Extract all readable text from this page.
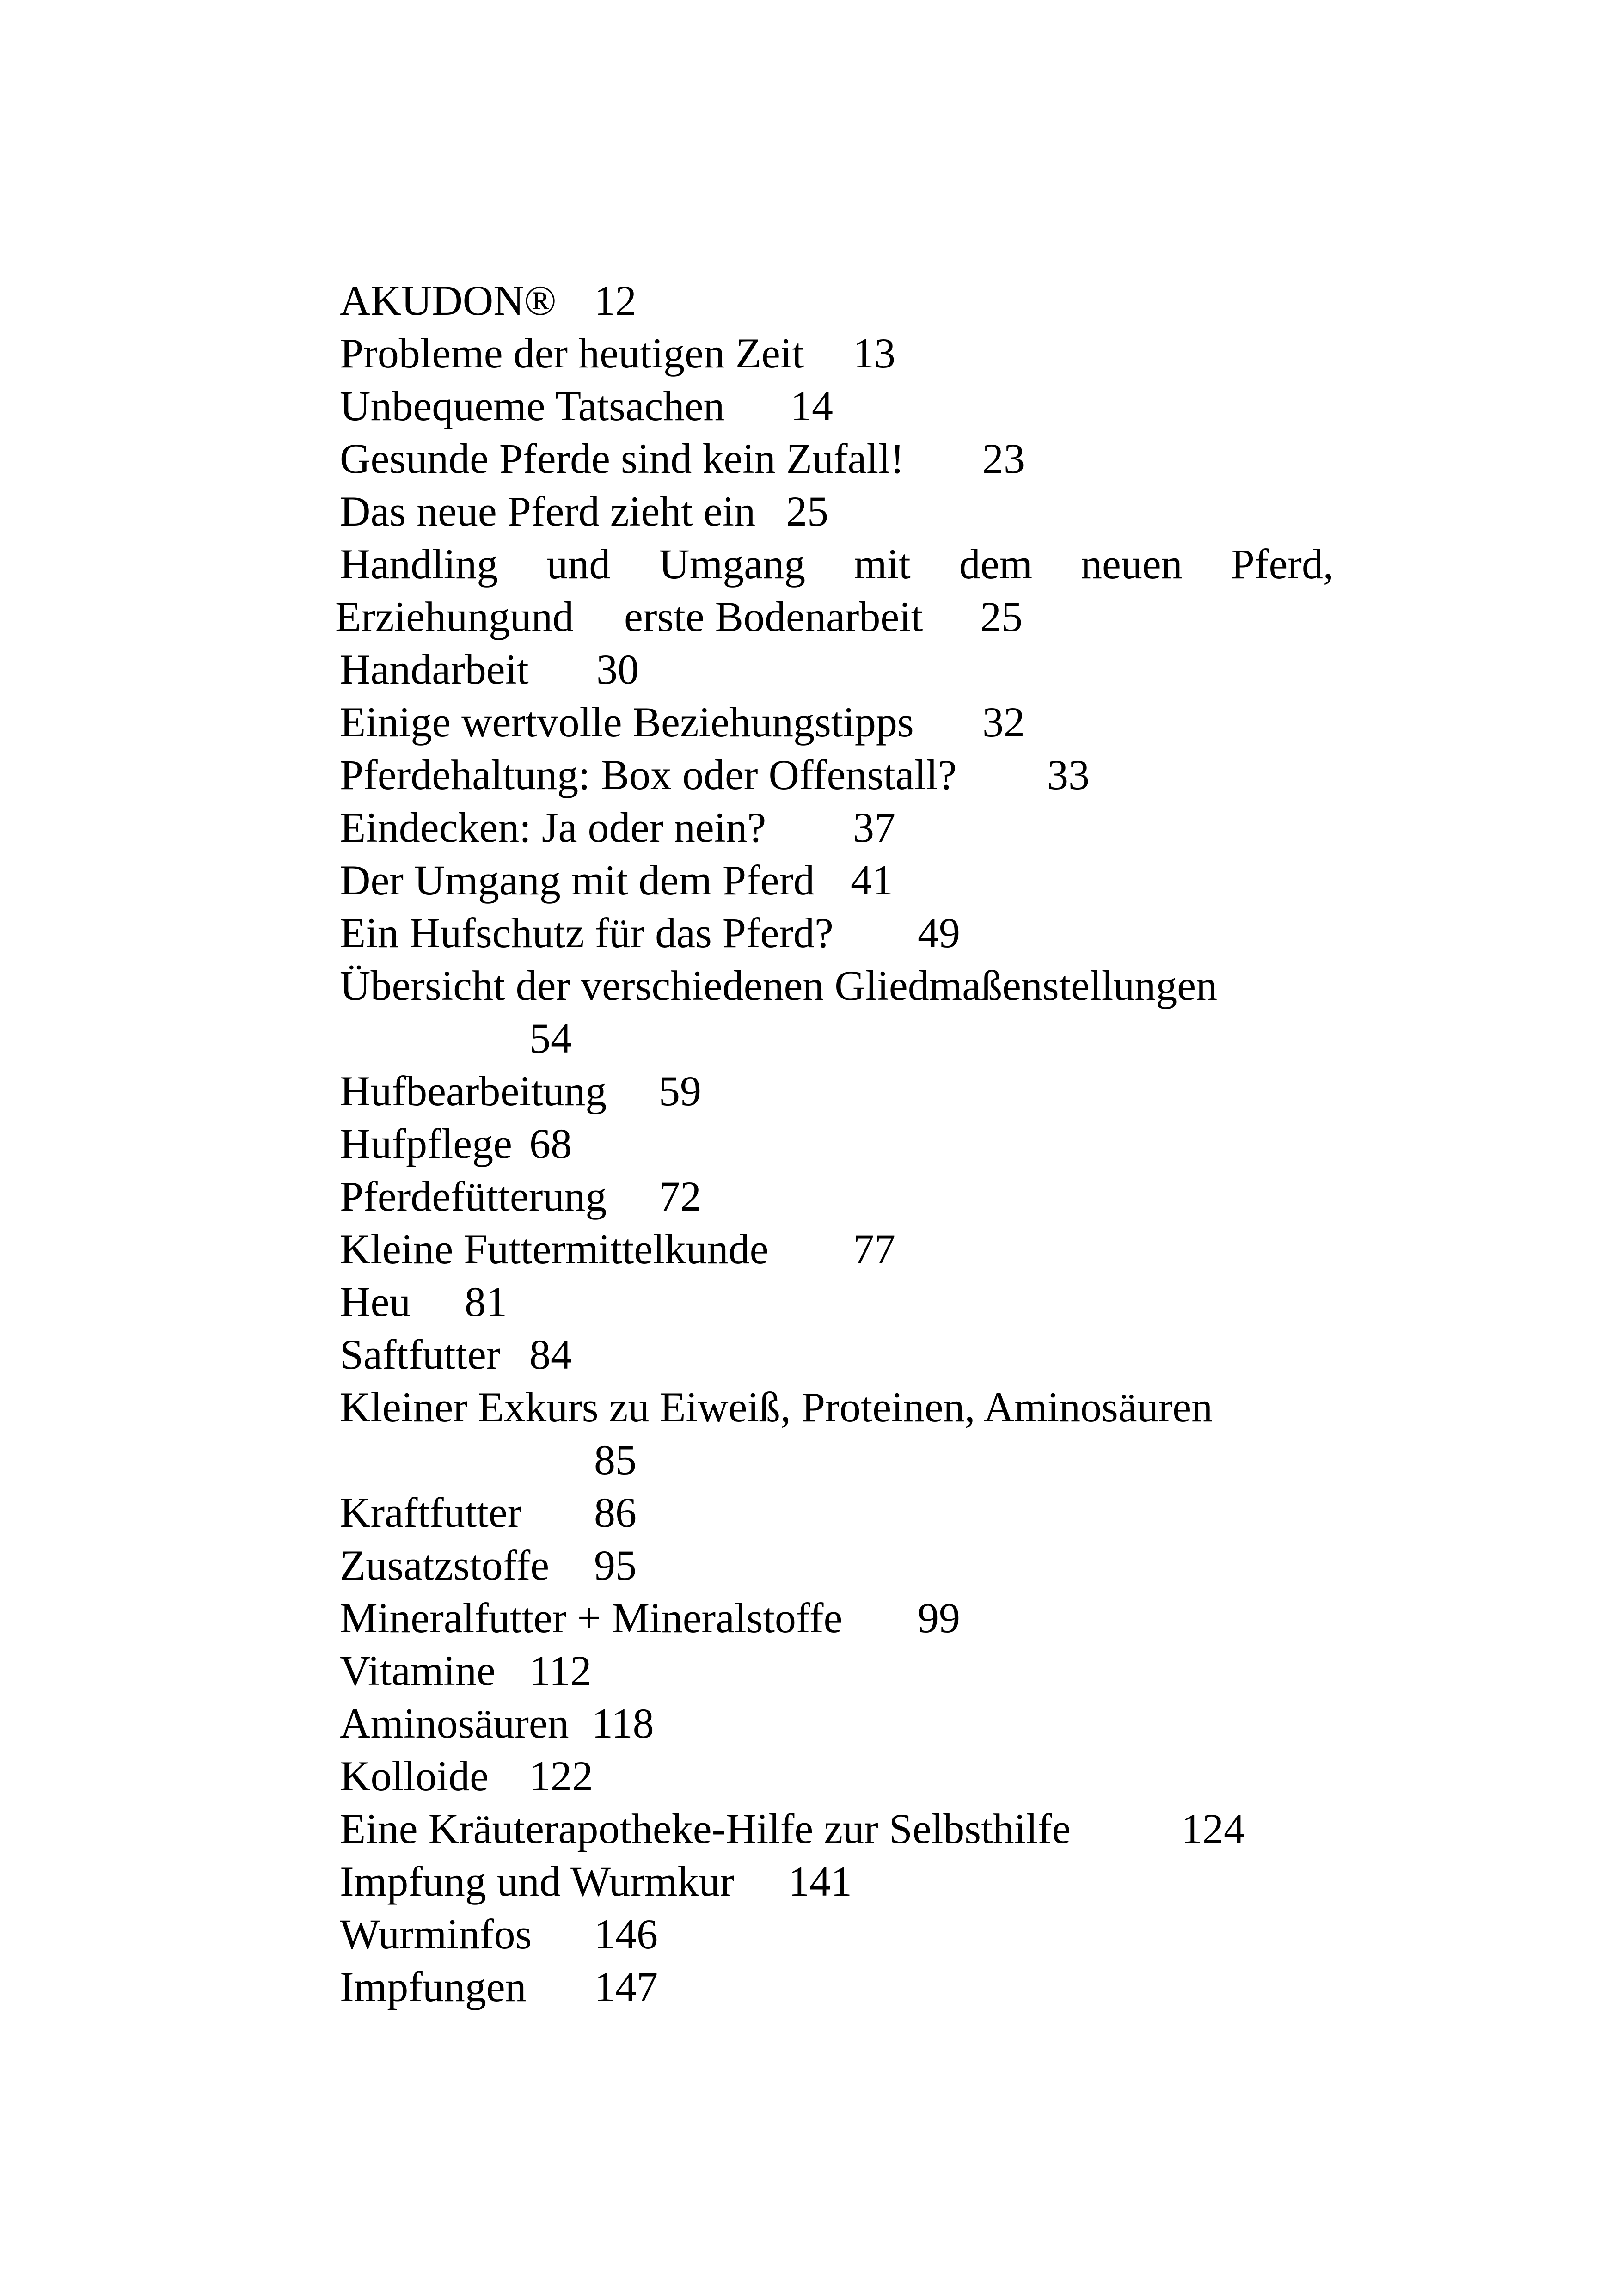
AKUDON® 12
Probleme der heutigen Zeit 13
Unbequeme Tatsachen 14
Gesunde Pferde sind kein Zufall! 23
Das neue Pferd zieht ein 25
Handling und Umgang mit dem neuen Pferd,
Erziehungund erste Bodenarbeit 25
Handarbeit 30
Einige wertvolle Beziehungstipps 32
Pferdehaltung: Box oder Offenstall? 33
Eindecken: Ja oder nein? 37
Der Umgang mit dem Pferd 41
Ein Hufschutz für das Pferd? 49
Übersicht der verschiedenen Gliedmaßenstellungen
54
Hufbearbeitung 59
Hufpflege 68
Pferdefütterung 72
Kleine Futtermittelkunde 77
Heu 81
Saftfutter 84
Kleiner Exkurs zu Eiweiß, Proteinen, Aminosäuren
85
Kraftfutter 86
Zusatzstoffe 95
Mineralfutter + Mineralstoffe 99
Vitamine 112
Aminosäuren 118
Kolloide 122
Eine Kräuterapotheke-Hilfe zur Selbsthilfe	124
Impfung und Wurmkur 141
Wurminfos 146
Impfungen 147
